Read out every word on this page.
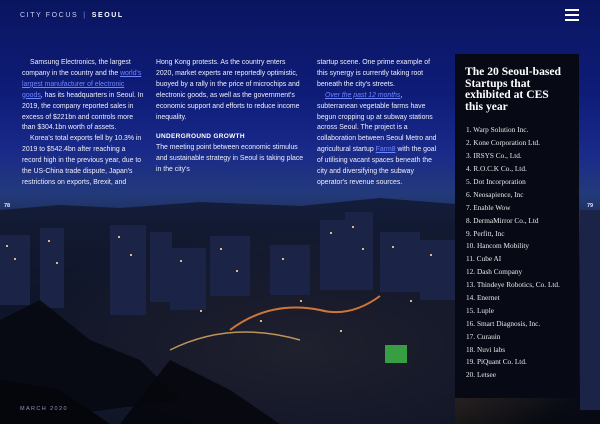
CITY FOCUS | SEOUL

Samsung Electronics, the largest company in the country and the world's largest manufacturer of electronic goods, has its headquarters in Seoul. In 2019, the company reported sales in excess of $221bn and controls more than $304.1bn worth of assets.

Korea's total exports fell by 10.3% in 2019 to $542.4bn after reaching a record high in the previous year, due to the US-China trade dispute, Japan's restrictions on exports, Brexit, and

Hong Kong protests. As the country enters 2020, market experts are reportedly optimistic, buoyed by a rally in the price of microchips and electronic goods, as well as the government's economic support and efforts to reduce income inequality.

UNDERGROUND GROWTH

The meeting point between economic stimulus and sustainable strategy in Seoul is taking place in the city's

startup scene. One prime example of this synergy is currently taking root beneath the city's streets.

Over the past 12 months, subterranean vegetable farms have begun cropping up at subway stations across Seoul. The project is a collaboration between Seoul Metro and agricultural startup Farm8 with the goal of utilising vacant spaces beneath the city and diversifying the subway operator's revenue sources.

The 20 Seoul-based Startups that exhibited at CES this year
1. Warp Solution Inc.
2. Kone Corporation Ltd.
3. IRSYS Co., Ltd.
4. R.O.C.K Co., Ltd.
5. Dot Incorporation
6. Neosapience, Inc
7. Enable Wow
8. DermaMirror Co., Ltd
9. Perfitt, Inc
10. Hancom Mobility
11. Cube AI
12. Dash Company
13. Thindeye Robotics, Co. Ltd.
14. Enernet
15. Luple
16. Smart Diagnosis, Inc.
17. Curauin
18. Nuvi labs
19. PiQuant Co. Ltd.
20. Letsee
78	79
MARCH 2020
